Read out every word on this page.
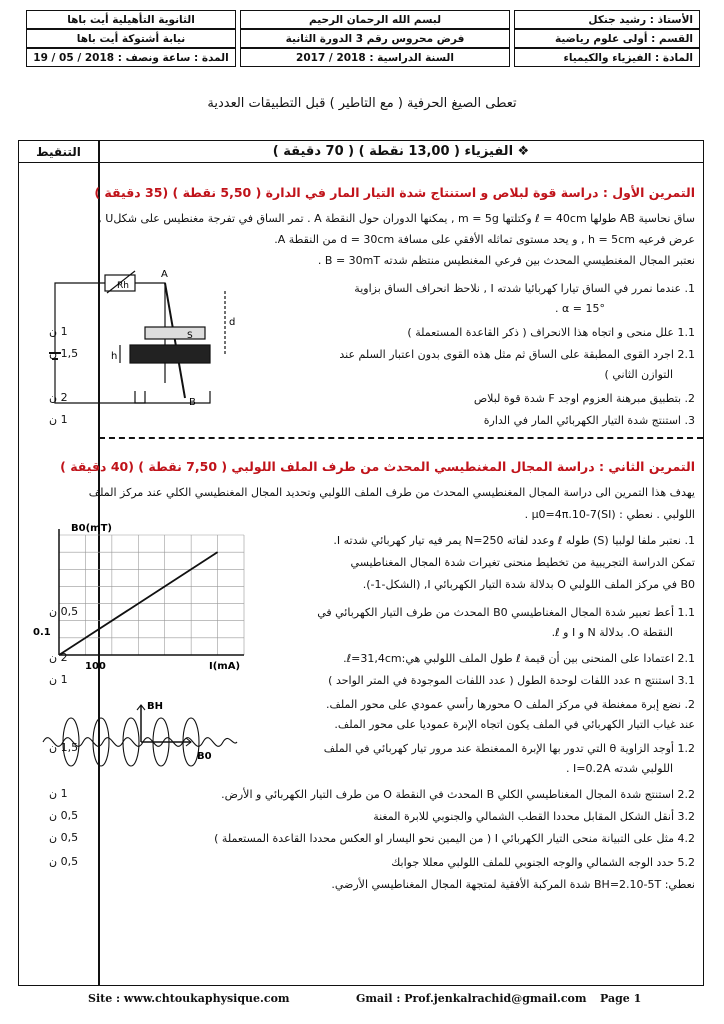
الأستاذ : رشيد جنكل
لبسم الله الرحمان الرحيم
الثانوية التأهيلية أيت باها
القسم : أولى علوم رياضية
فرض محروس رقم 3 الدورة الثانية
نيابة أشتوكة أيت باها
المادة : الفيزياء والكيمياء
السنة الدراسية : 2018 / 2017
المدة : ساعة ونصف : 2018 / 05 / 19
تعطى الصيغ الحرفية ( مع التاطير ) قبل التطبيقات العددية
التنقيط	❖ الفيزياء ( 13,00 نقطة ) ( 70 دقيقة )
التمرين الأول : دراسة قوة لبلاص و استنتاج شدة التيار المار في الدارة ( 5,50 نقطة ) (35 دقيقة )
ساق نحاسية AB طولها ℓ = 40cm وكتلتها m = 5g , يمكنها الدوران حول النقطة A . تمر الساق في تفرجة مغنطيس على شكلU ,
عرض فرعيه h = 5cm , و يحد مستوى تماثله الأفقي على مسافة d = 30cm من النقطة A.
نعتبر المجال المغنطيسي المحدث بين فرعي المغنطيس منتظم شدته B = 30mT .
1. عندما نمرر في الساق تيارا كهربائيا شدته I , نلاحظ انحراف الساق بزاوية
α = 15° .
1.1 علل منحى و اتجاه هذا الانحراف ( ذكر القاعدة المستعملة )
2.1 اجرد القوى المطبقة على الساق ثم مثل هذه القوى بدون اعتبار السلم عند
التوازن الثاني )
2. بتطبيق مبرهنة العزوم اوجد F شدة قوة لبلاص
3. استنتج شدة التيار الكهربائي المار في الدارة
1 ن
1,5 ن
2 ن
1 ن
Rh
A
B
d
h
S
التمرين الثاني : دراسة المجال المغنطيسي المحدث من طرف الملف اللولبي ( 7,50 نقطة ) (40 دقيقة )
يهدف هذا التمرين الى دراسة المجال المغنطيسي المحدث من طرف الملف اللولبي وتحديد المجال المغنطيسي الكلي عند مركز الملف
اللولبي . نعطي : μ0=4π.10-7(SI) .
1. نعتبر ملفا لولبيا (S) طوله ℓ وعدد لفاته N=250 يمر فيه تيار كهربائي شدته I.
تمكن الدراسة التجريبية من تخطيط منحنى تغيرات شدة المجال المغناطيسي
B0 في مركز الملف اللولبي O بدلالة شدة التيار الكهربائي I, (الشكل-1-).
1.1 أعط تعبير شدة المجال المغناطيسي B0 المحدث من طرف التيار الكهربائي في
النقطة O. بدلالة N و I و ℓ.
2.1 اعتمادا على المنحنى بين أن قيمة ℓ طول الملف اللولبي هي:ℓ=31,4cm.
3.1 استنتج n عدد اللفات لوحدة الطول ( عدد اللفات الموجودة في المتر الواحد )
2. نضع إبرة ممغنطة في مركز الملف O محورها رأسي عمودي على محور الملف.
عند غياب التيار الكهربائي في الملف يكون اتجاه الإبرة عموديا على محور الملف.
1.2 أوجد الزاوية θ التي تدور بها الإبرة الممغنطة عند مرور تيار كهربائي في الملف
اللولبي شدته I=0.2A .
2.2 استنتج شدة المجال المغناطيسي الكلي B المحدث في النقطة O من طرف التيار الكهربائي و الأرض.
3.2 أنقل الشكل المقابل محددا القطب الشمالي والجنوبي للابرة المغنة
4.2 مثل على التبيانة منحى التيار الكهربائي I ( من اليمين نحو اليسار او العكس محددا القاعدة المستعملة )
5.2 حدد الوجه الشمالي والوجه الجنوبي للملف اللولبي معللا جوابك
نعطي: BH=2.10-5T شدة المركبة الأفقية لمتجهة المجال المغناطيسي الأرضي.
0,5 ن
2 ن
1 ن
1,5 ن
1 ن
0,5 ن
0,5 ن
0,5 ن
B0(mT)
I(mA)
0.1
100
BH
B0
Site : www.chtoukaphysique.com	Gmail : Prof.jenkalrachid@gmail.com Page 1
